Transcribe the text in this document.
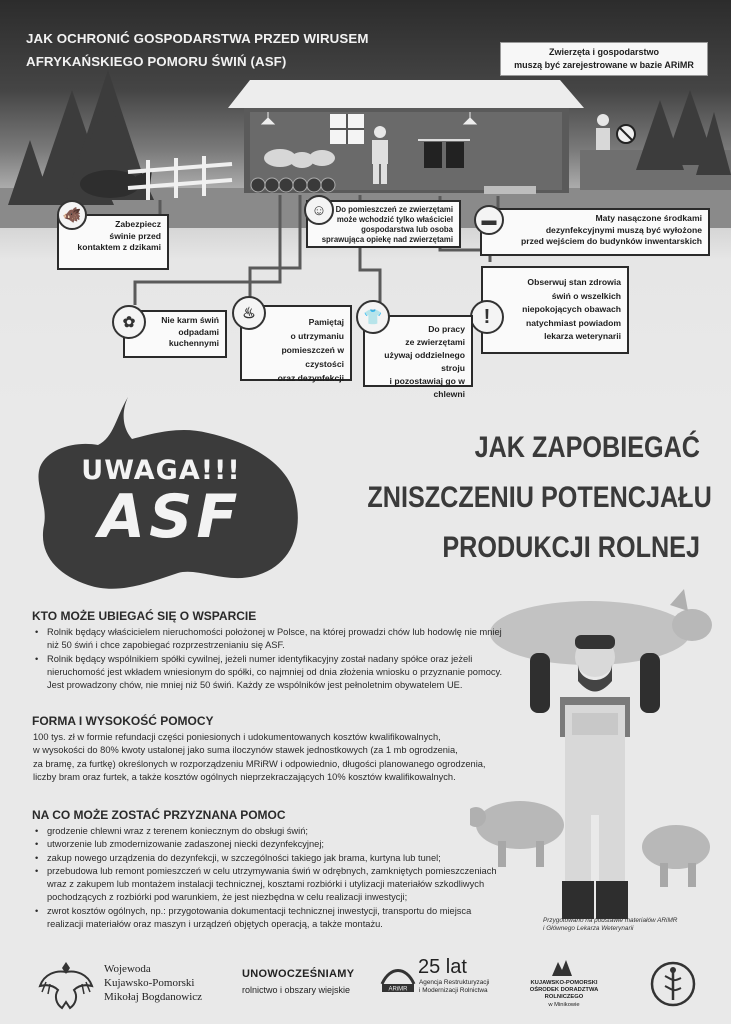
JAK OCHRONIĆ GOSPODARSTWA PRZED WIRUSEM
AFRYKAŃSKIEGO POMORU ŚWIŃ (ASF)
Zwierzęta i gospodarstwo
muszą być zarejestrowane w bazie ARiMR
Zabezpiecz
świnie przed
kontaktem z dzikami
🐗	Do pomieszczeń ze zwierzętami
może wchodzić tylko właściciel
gospodarstwa lub osoba
sprawująca opiekę nad zwierzętami
☺	Maty nasączone środkami
dezynfekcyjnymi muszą być wyłożone
przed wejściem do budynków inwentarskich
▬
Obserwuj stan zdrowia
świń o wszelkich
niepokojących obawach
natychmiast powiadom
lekarza weterynarii
!
Nie karm świń
odpadami
kuchennymi
✿	Pamiętaj
o utrzymaniu
pomieszczeń w czystości
oraz dezynfekcji
♨
Do pracy
ze zwierzętami
używaj oddzielnego stroju
i pozostawiaj go w chlewni
👕
UWAGA!!!
ASF
JAK ZAPOBIEGAĆ
ZNISZCZENIU POTENCJAŁU
PRODUKCJI ROLNEJ
KTO MOŻE UBIEGAĆ SIĘ O WSPARCIE
• Rolnik będący właścicielem nieruchomości położonej w Polsce, na której prowadzi chów lub hodowlę nie mniej niż 50 świń i chce zapobiegać rozprzestrzenianiu się ASF.
• Rolnik będący wspólnikiem spółki cywilnej, jeżeli numer identyfikacyjny został nadany spółce oraz jeżeli nieruchomość jest wkładem wniesionym do spółki, co najmniej od dnia złożenia wniosku o przyznanie pomocy. Jest prowadzony chów, nie mniej niż 50 świń. Każdy ze wspólników jest pełnoletnim obywatelem UE.
FORMA I WYSOKOŚĆ POMOCY
100 tys. zł w formie refundacji części poniesionych i udokumentowanych kosztów kwalifikowalnych,
w wysokości do 80% kwoty ustalonej jako suma iloczynów stawek jednostkowych (za 1 mb ogrodzenia,
za bramę, za furtkę) określonych w rozporządzeniu MRiRW i odpowiednio, długości planowanego ogrodzenia,
liczby bram oraz furtek, a także kosztów ogólnych nieprzekraczających 10% kosztów kwalifikowalnych.
NA CO MOŻE ZOSTAĆ PRZYZNANA POMOC
• grodzenie chlewni wraz z terenem koniecznym do obsługi świń;
• utworzenie lub zmodernizowanie zadaszonej niecki dezynfekcyjnej;
• zakup nowego urządzenia do dezynfekcji, w szczególności takiego jak brama, kurtyna lub tunel;
• przebudowa lub remont pomieszczeń w celu utrzymywania świń w odrębnych, zamkniętych pomieszczeniach wraz z zakupem lub montażem instalacji technicznej, kosztami rozbiórki i utylizacji materiałów szkodliwych pochodzących z rozbiórki pod warunkiem, że jest niezbędna w celu realizacji inwestycji;
• zwrot kosztów ogólnych, np.: przygotowania dokumentacji technicznej inwestycji, transportu do miejsca realizacji materiałów oraz maszyn i urządzeń objętych operacją, a także montażu.	Przygotowano na podstawie materiałów ARiMR
i Głównego Lekarza Weterynarii
Wojewoda
Kujawsko-Pomorski
Mikołaj Bogdanowicz
UNOWOCZEŚNIAMY
rolnictwo i obszary wiejskie	ARiMR
25 lat
Agencja Restrukturyzacji
i Modernizacji Rolnictwa
KUJAWSKO-POMORSKI
OŚRODEK DORADZTWA ROLNICZEGO
w Minikowie
